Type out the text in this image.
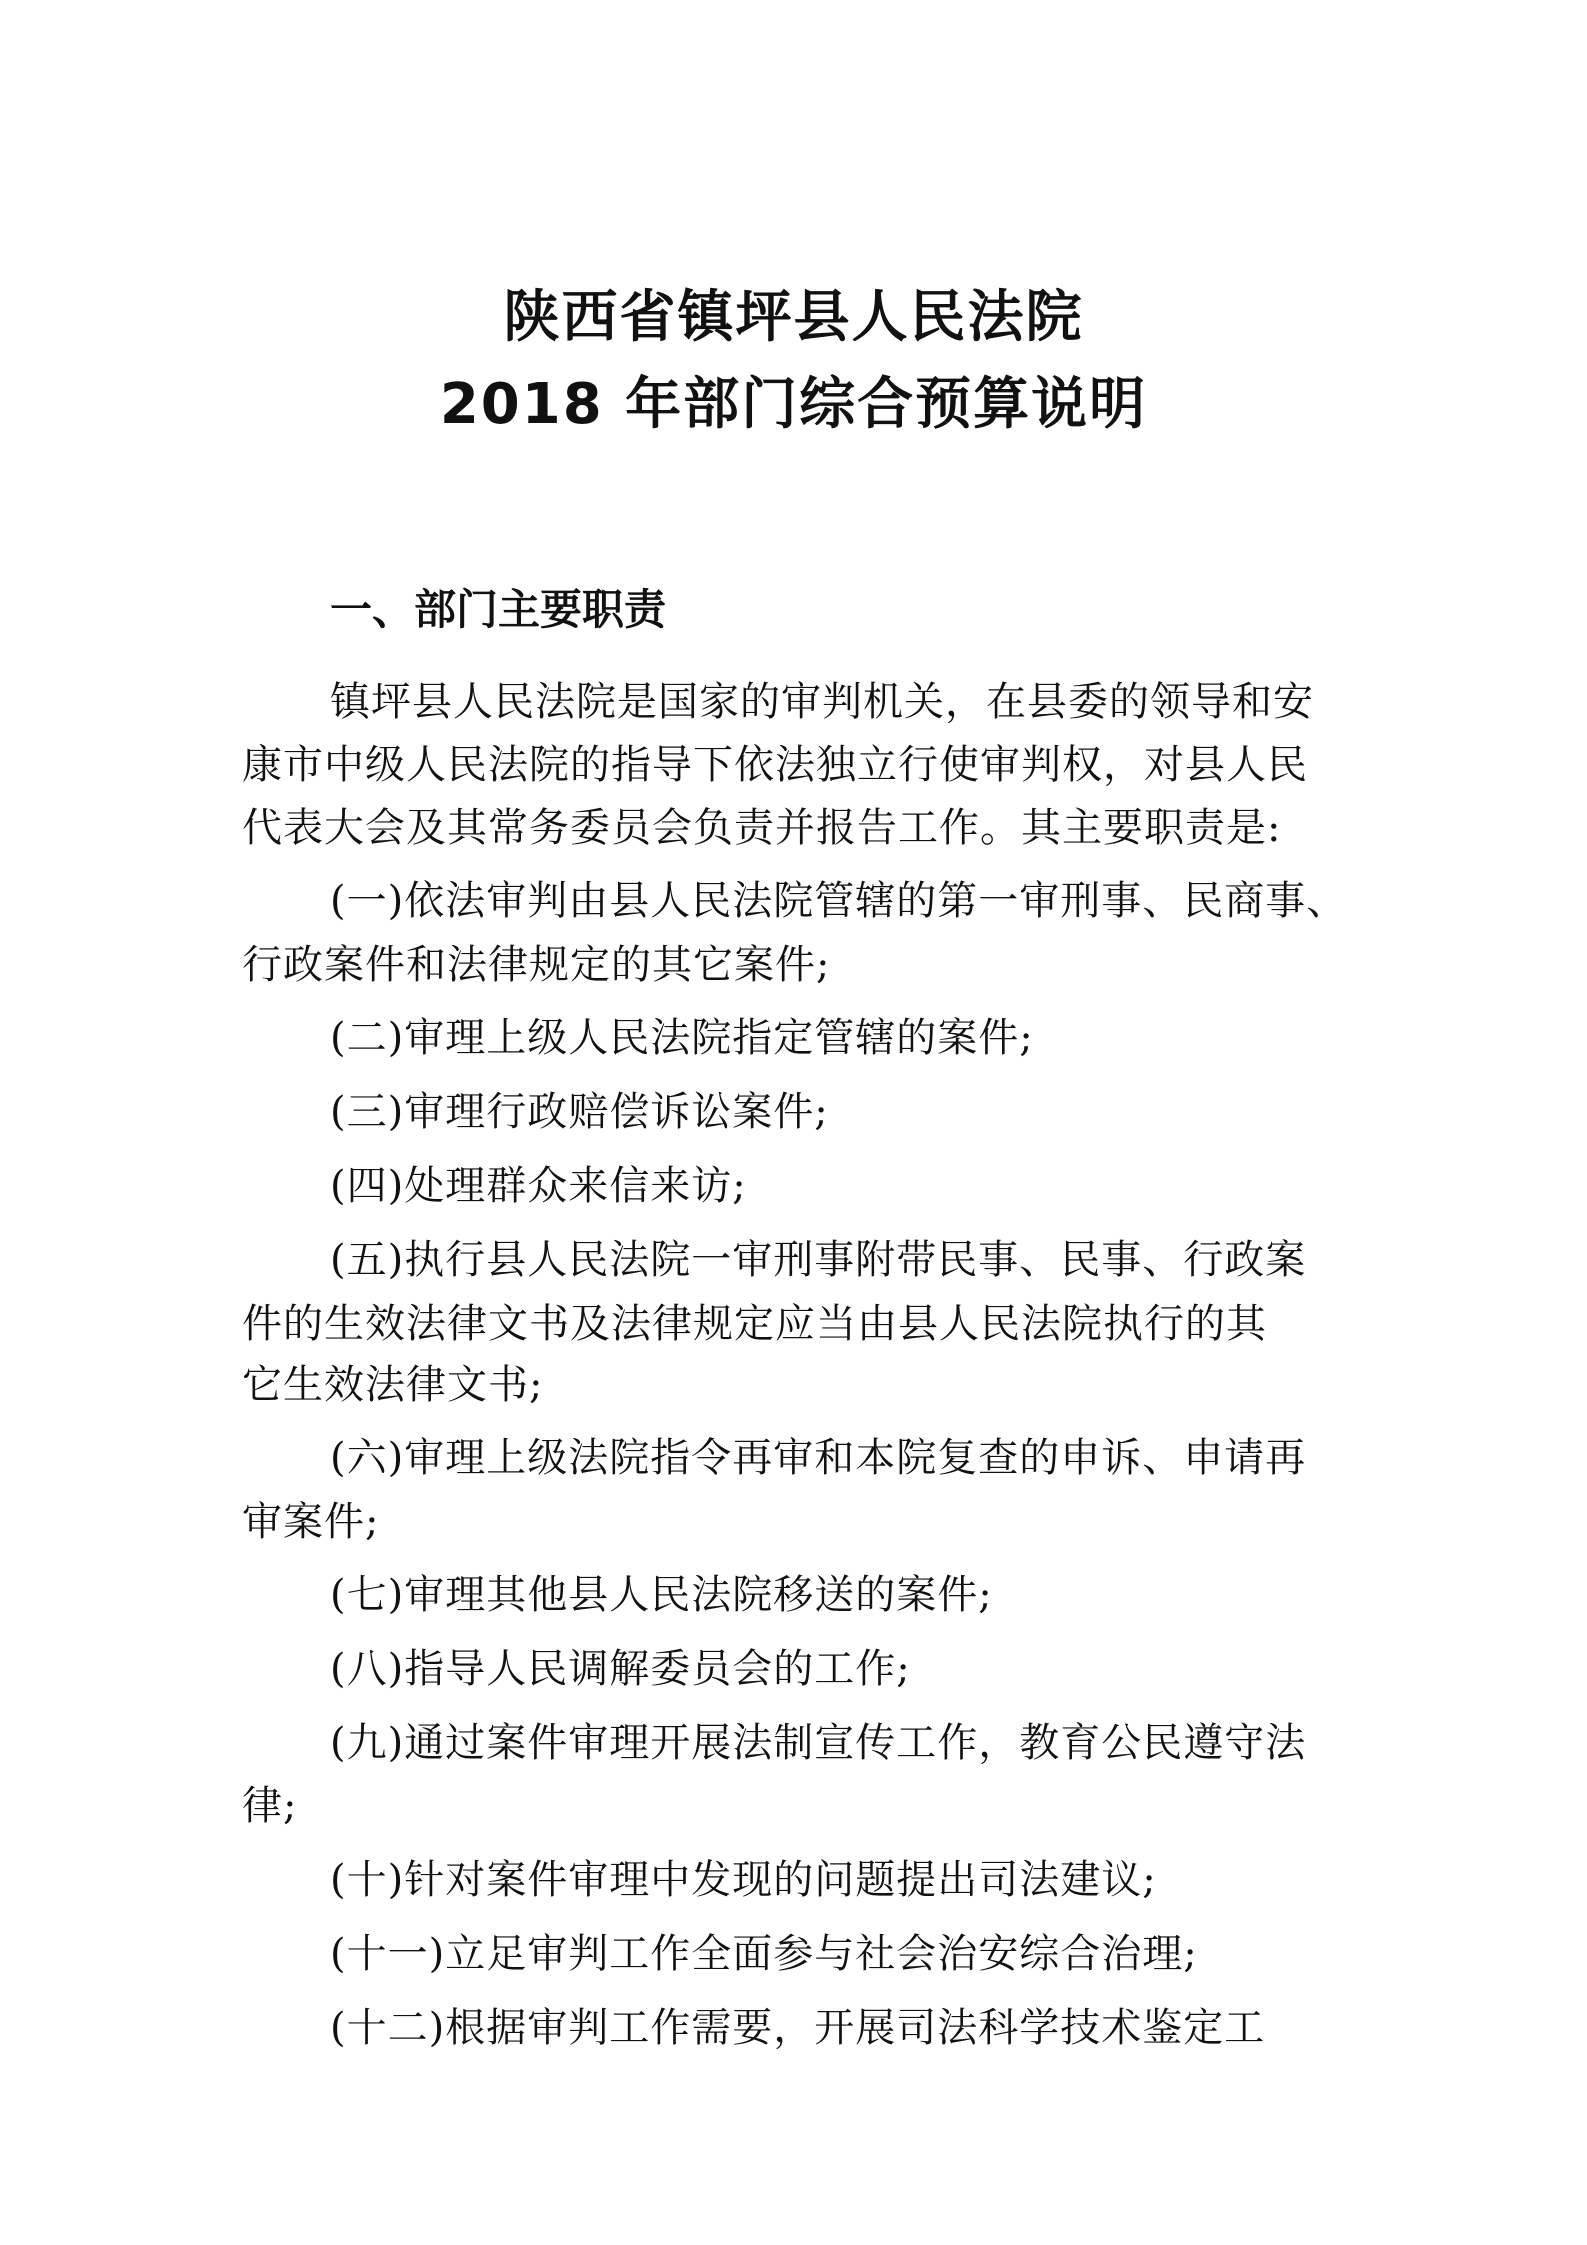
陕西省镇坪县人民法院
2018 年部门综合预算说明
一、部门主要职责
镇坪县人民法院是国家的审判机关，在县委的领导和安
康市中级人民法院的指导下依法独立行使审判权，对县人民
代表大会及其常务委员会负责并报告工作。其主要职责是:
(一)依法审判由县人民法院管辖的第一审刑事、民商事、
行政案件和法律规定的其它案件;
(二)审理上级人民法院指定管辖的案件;
(三)审理行政赔偿诉讼案件;
(四)处理群众来信来访;
(五)执行县人民法院一审刑事附带民事、民事、行政案
件的生效法律文书及法律规定应当由县人民法院执行的其
它生效法律文书;
(六)审理上级法院指令再审和本院复查的申诉、申请再
审案件;
(七)审理其他县人民法院移送的案件;
(八)指导人民调解委员会的工作;
(九)通过案件审理开展法制宣传工作，教育公民遵守法
律;
(十)针对案件审理中发现的问题提出司法建议;
(十一)立足审判工作全面参与社会治安综合治理;
(十二)根据审判工作需要，开展司法科学技术鉴定工
